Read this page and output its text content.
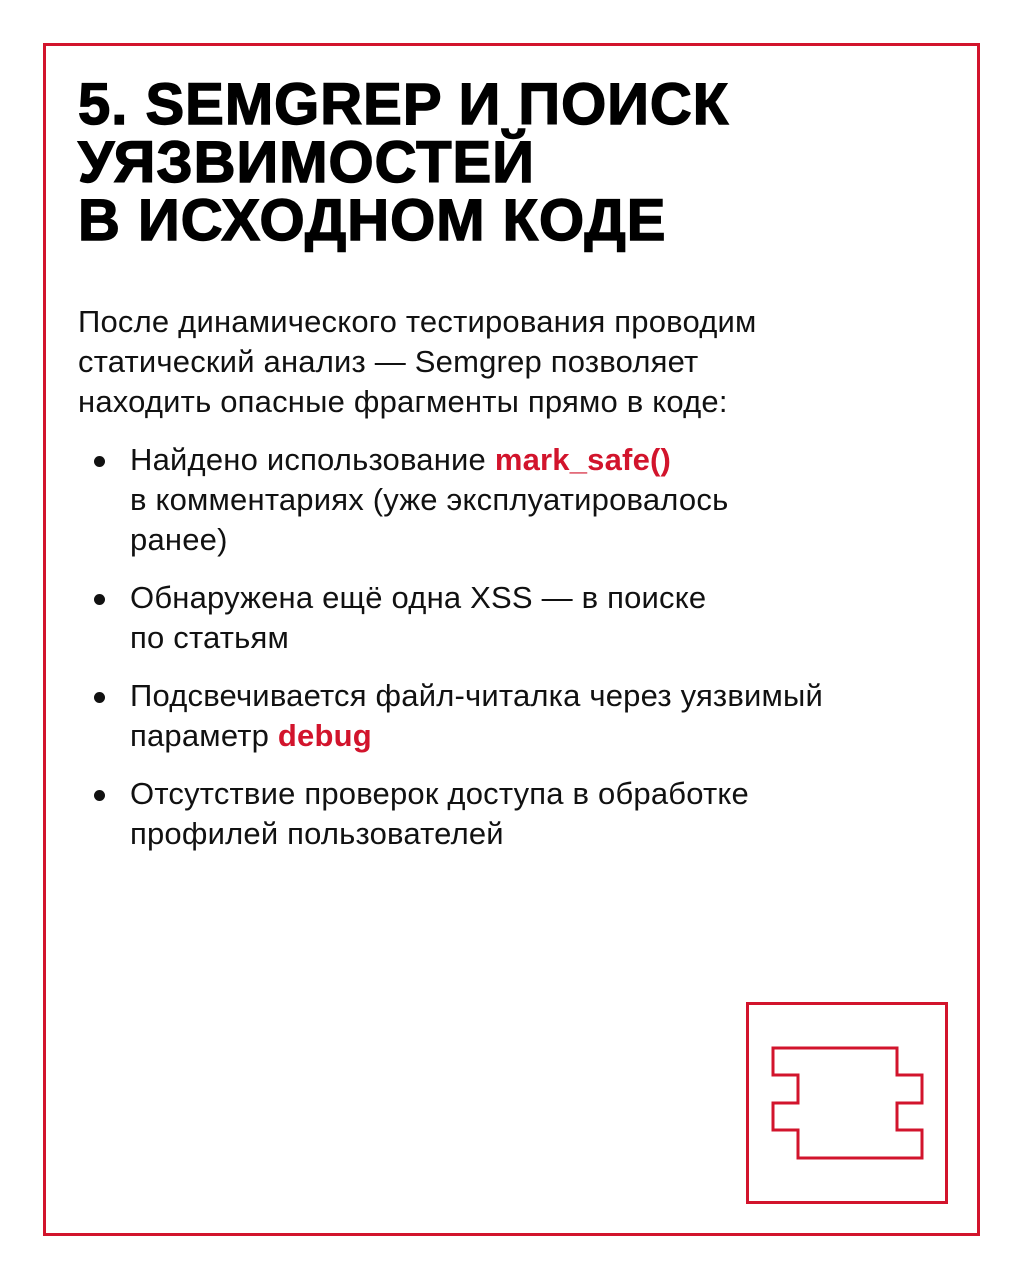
5. SEMGREP И ПОИСК
УЯЗВИМОСТЕЙ
В ИСХОДНОМ КОДЕ

После динамического тестирования проводим
статический анализ — Semgrep позволяет
находить опасные фрагменты прямо в коде:

Найдено использование mark_safe()
в комментариях (уже эксплуатировалось
ранее)
Обнаружена ещё одна XSS — в поиске
по статьям
Подсвечивается файл-читалка через уязвимый
параметр debug
Отсутствие проверок доступа в обработке
профилей пользователей
